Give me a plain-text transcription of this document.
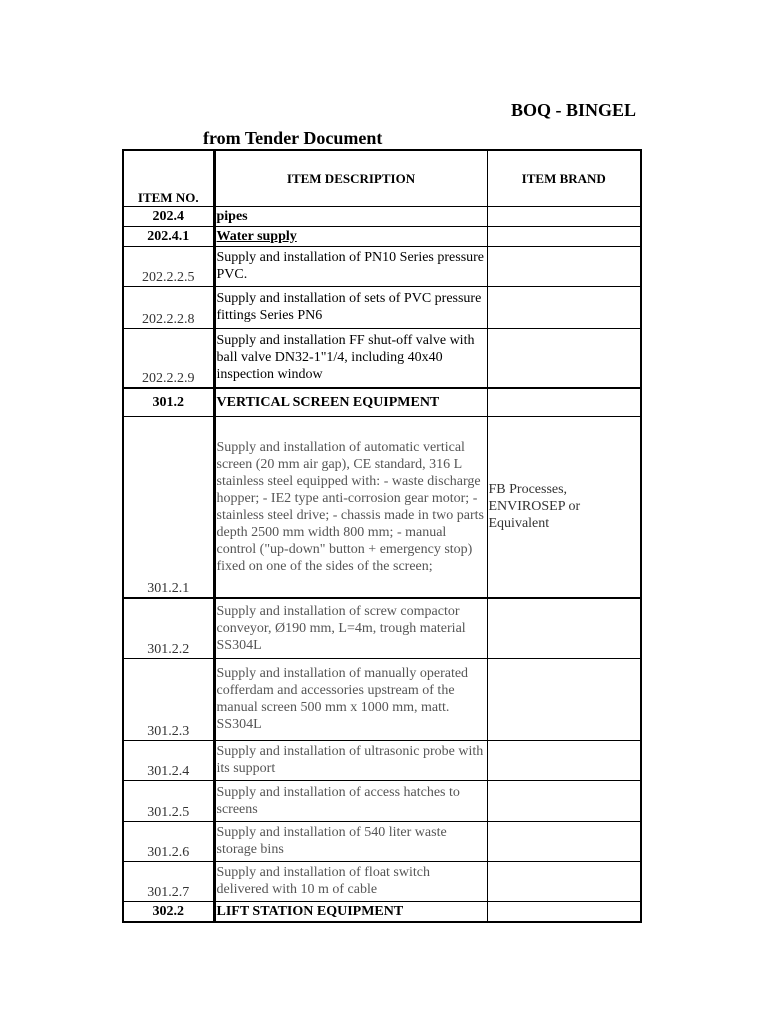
BOQ - BINGEL
from Tender Document
ITEM NO.	ITEM DESCRIPTION	ITEM BRAND
202.4	pipes	
202.4.1	Water supply	
202.2.2.5	Supply and installation of PN10 Series pressure PVC.	
202.2.2.8	Supply and installation of sets of PVC pressure fittings Series PN6	
202.2.2.9	Supply and installation FF shut-off valve with ball valve DN32-1"1/4, including 40x40 inspection window	
301.2	VERTICAL SCREEN EQUIPMENT	
301.2.1	Supply and installation of automatic vertical screen (20 mm air gap), CE standard, 316 L stainless steel equipped with: - waste discharge hopper; - IE2 type anti-corrosion gear motor; - stainless steel drive; - chassis made in two parts depth 2500 mm width 800 mm; - manual control ("up-down" button + emergency stop) fixed on one of the sides of the screen;	FB Processes, ENVIROSEP or Equivalent
301.2.2	Supply and installation of screw compactor conveyor, Ø190 mm, L=4m, trough material SS304L	
301.2.3	Supply and installation of manually operated cofferdam and accessories upstream of the manual screen 500 mm x 1000 mm, matt. SS304L	
301.2.4	Supply and installation of ultrasonic probe with its support	
301.2.5	Supply and installation of access hatches to screens	
301.2.6	Supply and installation of 540 liter waste storage bins	
301.2.7	Supply and installation of float switch delivered with 10 m of cable	
302.2	LIFT STATION EQUIPMENT	
